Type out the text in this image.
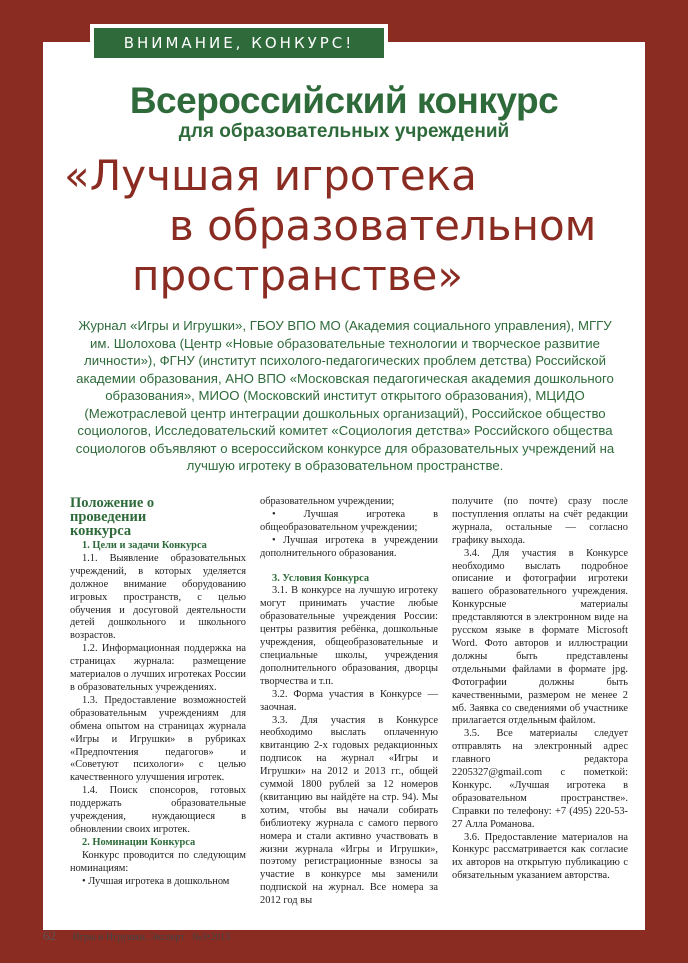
ВНИМАНИЕ, КОНКУРС!
Всероссийский конкурс
для образовательных учреждений
«Лучшая игротека
в образовательном
пространстве»
Журнал «Игры и Игрушки», ГБОУ ВПО МО (Академия социального управления), МГГУ им. Шолохова (Центр «Новые образовательные технологии и творческое развитие личности»), ФГНУ (институт психолого-педагогических проблем детства) Российской академии образования, АНО ВПО «Московская педагогическая академия дошкольного образования», МИОО (Московский институт открытого образования), МЦИДО (Межотраслевой центр интеграции дошкольных организаций), Российское общество социологов, Исследовательский комитет «Социология детства» Российского общества социологов объявляют о всероссийском конкурсе для образовательных учреждений на лучшую игротеку в образовательном пространстве.
Положение о проведении конкурса

1. Цели и задачи Конкурса

1.1. Выявление образовательных учреждений, в которых уделяется должное внимание оборудованию игровых пространств, с целью обучения и досуговой деятельности детей дошкольного и школьного возрастов.

1.2. Информационная поддержка на страницах журнала: размещение материалов о лучших игротеках России в образовательных учреждениях.

1.3. Предоставление возможностей образовательным учреждениям для обмена опытом на страницах журнала «Игры и Игрушки» в рубриках «Предпочтения педагогов» и «Советуют психологи» с целью качественного улучшения игротек.

1.4. Поиск спонсоров, готовых поддержать образовательные учреждения, нуждающиеся в обновлении своих игротек.

2. Номинации Конкурса

Конкурс проводится по следующим номинациям:

• Лучшая игротека в дошкольном

образовательном учреждении;

• Лучшая игротека в общеобразовательном учреждении;

• Лучшая игротека в учреждении дополнительного образования.

3. Условия Конкурса

3.1. В конкурсе на лучшую игротеку могут принимать участие любые образовательные учреждения России: центры развития ребёнка, дошкольные учреждения, общеобразовательные и специальные школы, учреждения дополнительного образования, дворцы творчества и т.п.

3.2. Форма участия в Конкурсе — заочная.

3.3. Для участия в Конкурсе необходимо выслать оплаченную квитанцию 2-х годовых редакционных подписок на журнал «Игры и Игрушки» на 2012 и 2013 гг., общей суммой 1800 рублей за 12 номеров (квитанцию вы найдёте на стр. 94). Мы хотим, чтобы вы начали собирать библиотеку журнала с самого первого номера и стали активно участвовать в жизни журнала «Игры и Игрушки», поэтому регистрационные взносы за участие в конкурсе мы заменили подпиской на журнал. Все номера за 2012 год вы

получите (по почте) сразу после поступления оплаты на счёт редакции журнала, остальные — согласно графику выхода.

3.4. Для участия в Конкурсе необходимо выслать подробное описание и фотографии игротеки вашего образовательного учреждения. Конкурсные материалы представляются в электронном виде на русском языке в формате Microsoft Word. Фото авторов и иллюстрации должны быть представлены отдельными файлами в формате jpg. Фотографии должны быть качественными, размером не менее 2 мб. Заявка со сведениями об участнике прилагается отдельным файлом.

3.5. Все материалы следует отправлять на электронный адрес главного редактора 2205327@gmail.com с пометкой: Конкурс. «Лучшая игротека в образовательном пространстве». Справки по телефону: +7 (495) 220-53-27 Алла Романова.

3.6. Предоставление материалов на Конкурс рассматривается как согласие их авторов на открытую публикацию с обязательным указанием авторства.

62 Игры и Игрушки. Эксперт   №3•2013
